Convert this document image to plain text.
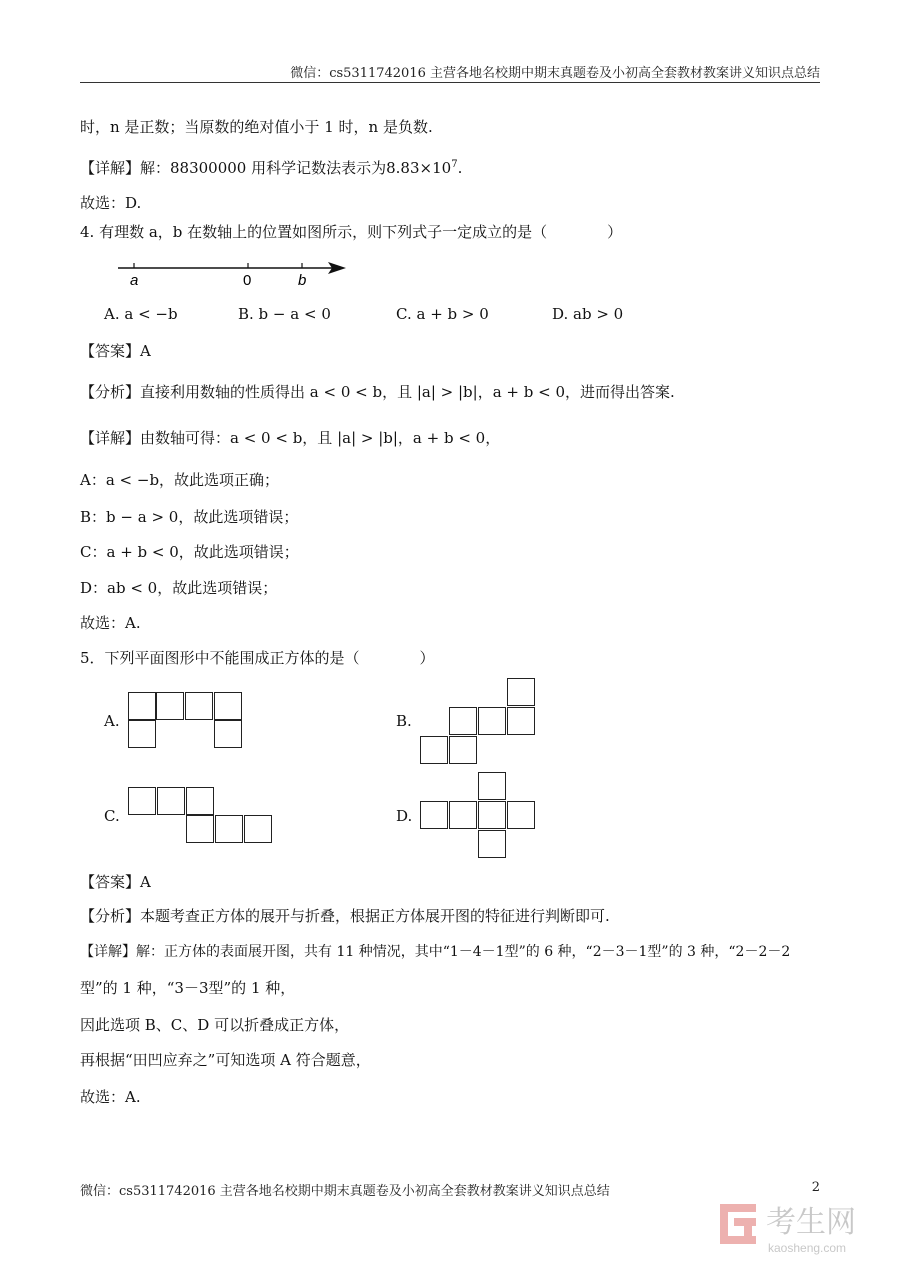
微信：cs5311742016 主营各地名校期中期末真题卷及小初高全套教材教案讲义知识点总结
时，n 是正数；当原数的绝对值小于 1 时，n 是负数.
【详解】解：88300000 用科学记数法表示为$8.83\times 10^7$.
故选：D.
4. 有理数 a，b 在数轴上的位置如图所示，则下列式子一定成立的是（　　　　）
a	0	b
A. a < −b	B. b − a < 0	C. a + b > 0	D. ab > 0
【答案】A
【分析】直接利用数轴的性质得出 a < 0 < b，且 |a| > |b|，a + b < 0，进而得出答案.
【详解】由数轴可得：a < 0 < b，且 |a| > |b|，a + b < 0，
A：a < −b，故此选项正确；
B：b − a > 0，故此选项错误；
C：a + b < 0，故此选项错误；
D：ab < 0，故此选项错误；
故选：A.
5．下列平面图形中不能围成正方体的是（　　　　）
A.	B.
C.	D.
【答案】A
【分析】本题考查正方体的展开与折叠，根据正方体展开图的特征进行判断即可.
【详解】解：正方体的表面展开图，共有 11 种情况，其中“1－4－1型”的 6 种，“2－3－1型”的 3 种，“2－2－2
型”的 1 种，“3－3型”的 1 种，
因此选项 B、C、D 可以折叠成正方体，
再根据“田凹应弃之”可知选项 A 符合题意，
故选：A.
微信：cs5311742016 主营各地名校期中期末真题卷及小初高全套教材教案讲义知识点总结	2
考生网
kaosheng.com
